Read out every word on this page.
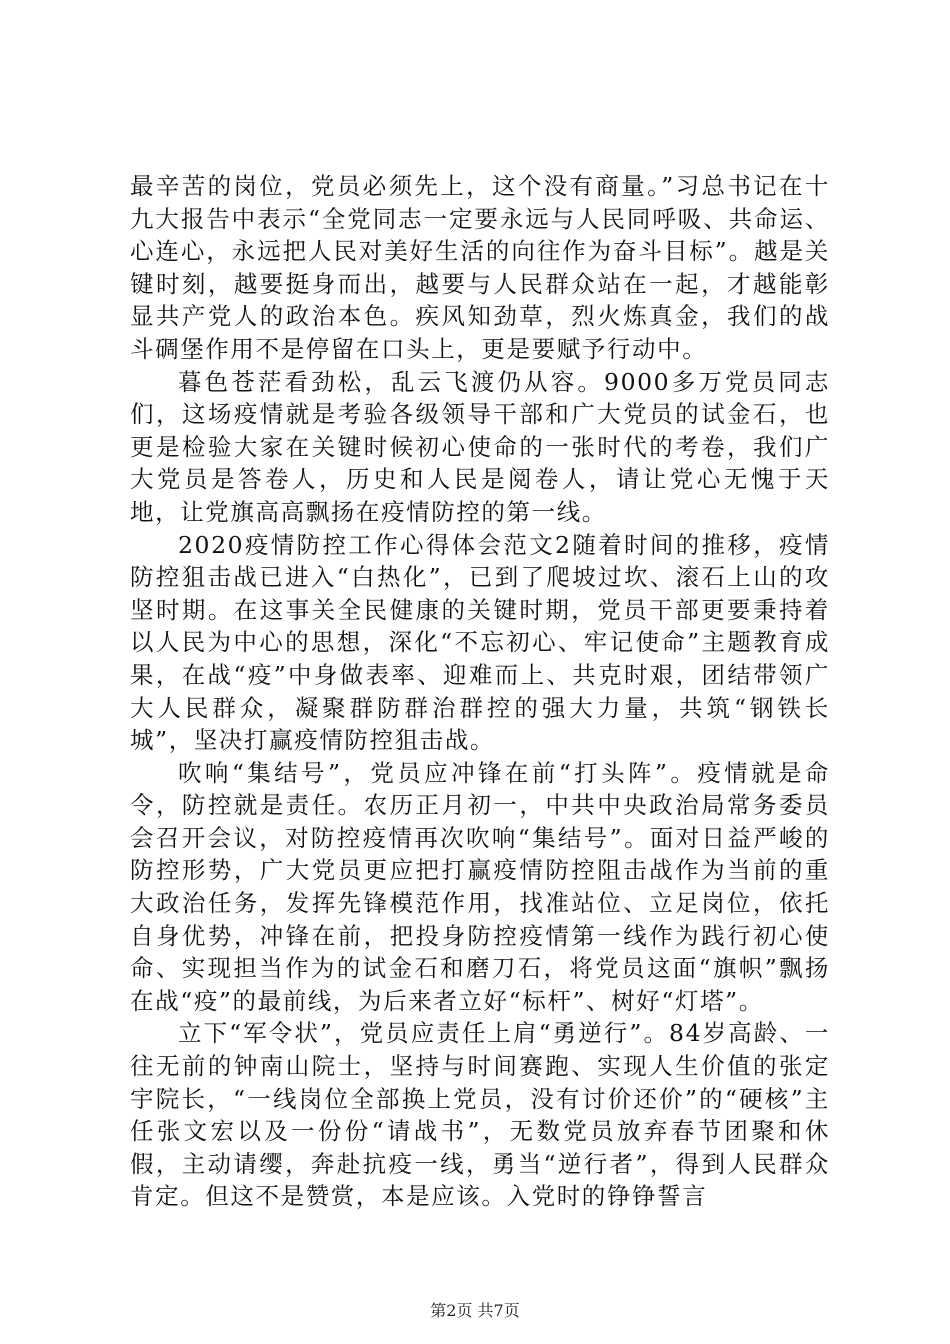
最辛苦的岗位，党员必须先上，这个没有商量。”习总书记在十九大报告中表示“全党同志一定要永远与人民同呼吸、共命运、心连心，永远把人民对美好生活的向往作为奋斗目标”。越是关键时刻，越要挺身而出，越要与人民群众站在一起，才越能彰显共产党人的政治本色。疾风知劲草，烈火炼真金，我们的战斗碉堡作用不是停留在口头上，更是要赋予行动中。

暮色苍茫看劲松，乱云飞渡仍从容。9000多万党员同志们，这场疫情就是考验各级领导干部和广大党员的试金石，也更是检验大家在关键时候初心使命的一张时代的考卷，我们广大党员是答卷人，历史和人民是阅卷人，请让党心无愧于天地，让党旗高高飘扬在疫情防控的第一线。

2020疫情防控工作心得体会范文2随着时间的推移，疫情防控狙击战已进入“白热化”，已到了爬坡过坎、滚石上山的攻坚时期。在这事关全民健康的关键时期，党员干部更要秉持着以人民为中心的思想，深化“不忘初心、牢记使命”主题教育成果，在战“疫”中身做表率、迎难而上、共克时艰，团结带领广大人民群众，凝聚群防群治群控的强大力量，共筑“钢铁长城”，坚决打赢疫情防控狙击战。

吹响“集结号”，党员应冲锋在前“打头阵”。疫情就是命令，防控就是责任。农历正月初一，中共中央政治局常务委员会召开会议，对防控疫情再次吹响“集结号”。面对日益严峻的防控形势，广大党员更应把打赢疫情防控阻击战作为当前的重大政治任务，发挥先锋模范作用，找准站位、立足岗位，依托自身优势，冲锋在前，把投身防控疫情第一线作为践行初心使命、实现担当作为的试金石和磨刀石，将党员这面“旗帜”飘扬在战“疫”的最前线，为后来者立好“标杆”、树好“灯塔”。

立下“军令状”，党员应责任上肩“勇逆行”。84岁高龄、一往无前的钟南山院士，坚持与时间赛跑、实现人生价值的张定宇院长，“一线岗位全部换上党员，没有讨价还价”的“硬核”主任张文宏以及一份份“请战书”，无数党员放弃春节团聚和休假，主动请缨，奔赴抗疫一线，勇当“逆行者”，得到人民群众肯定。但这不是赞赏，本是应该。入党时的铮铮誓言

第2页 共7页
